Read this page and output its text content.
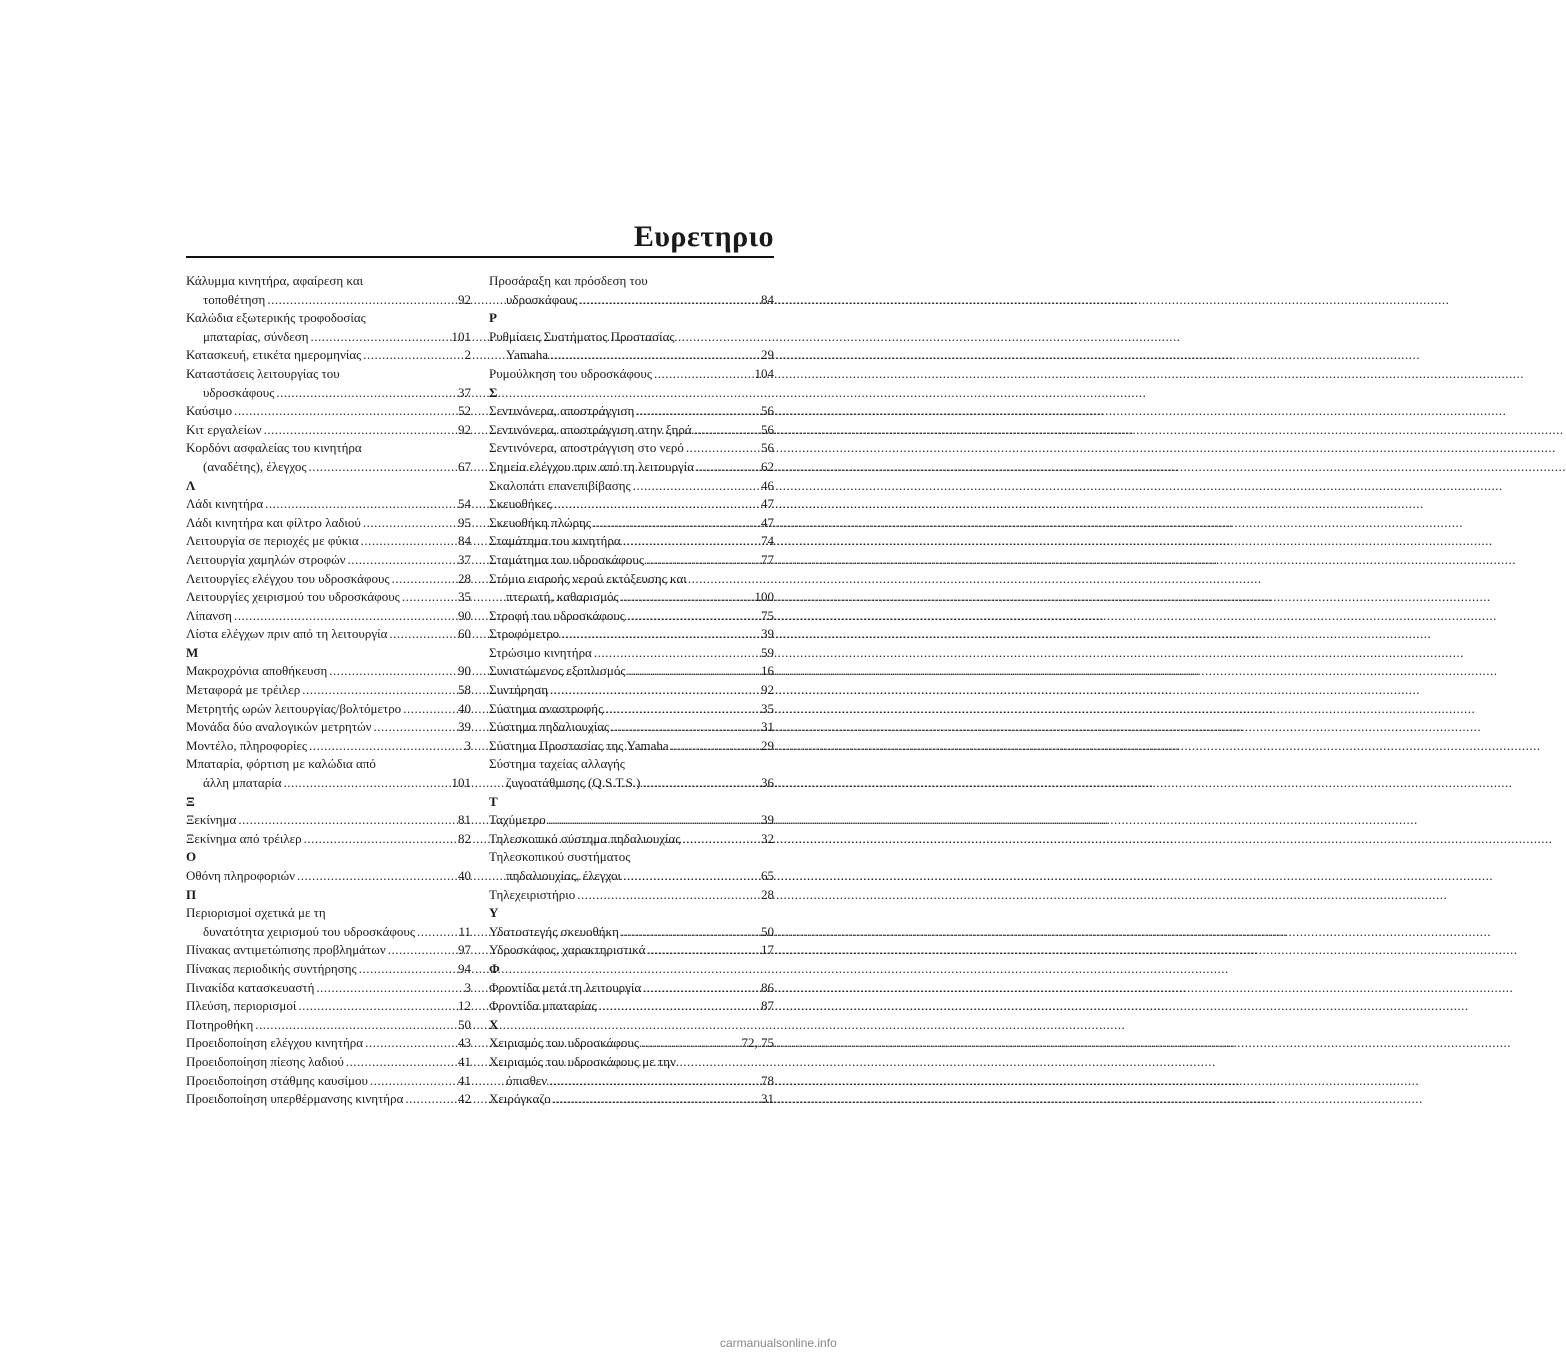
Ευρετηριο
Κάλυμμα κινητήρα, αφαίρεση και
τοποθέτηση .....	92
Καλώδια εξωτερικής τροφοδοσίας
μπαταρίας, σύνδεση .....	101
Κατασκευή, ετικέτα ημερομηνίας .....	2
Καταστάσεις λειτουργίας του
υδροσκάφους .....	37
Καύσιμο .....	52
Κιτ εργαλείων .....	92
Κορδόνι ασφαλείας του κινητήρα
(αναδέτης), έλεγχος .....	67
Λ
Λάδι κινητήρα .....	54
Λάδι κινητήρα και φίλτρο λαδιού .....	95
Λειτουργία σε περιοχές με φύκια .....	84
Λειτουργία χαμηλών στροφών .....	37
Λειτουργίες ελέγχου του υδροσκάφους .....	28
Λειτουργίες χειρισμού του υδροσκάφους .....	35
Λίπανση .....	90
Λίστα ελέγχων πριν από τη λειτουργία .....	60
Μ
Μακροχρόνια αποθήκευση .....	90
Μεταφορά με τρέιλερ .....	58
Μετρητής ωρών λειτουργίας/βολτόμετρο .....	40
Μονάδα δύο αναλογικών μετρητών .....	39
Μοντέλο, πληροφορίες .....	3
Μπαταρία, φόρτιση με καλώδια από
άλλη μπαταρία .....	101
Ξ
Ξεκίνημα .....	81
Ξεκίνημα από τρέιλερ .....	82
Ο
Οθόνη πληροφοριών .....	40
Π
Περιορισμοί σχετικά με τη
δυνατότητα χειρισμού του υδροσκάφους .....	11
Πίνακας αντιμετώπισης προβλημάτων .....	97
Πίνακας περιοδικής συντήρησης .....	94
Πινακίδα κατασκευαστή .....	3
Πλεύση, περιορισμοί .....	12
Ποτηροθήκη .....	50
Προειδοποίηση ελέγχου κινητήρα .....	43
Προειδοποίηση πίεσης λαδιού .....	41
Προειδοποίηση στάθμης καυσίμου .....	41
Προειδοποίηση υπερθέρμανσης κινητήρα .....	42
Προσάραξη και πρόσδεση του
υδροσκάφους .....	84
Ρ
Ρυθμίσεις Συστήματος Προστασίας
Yamaha .....	29
Ρυμούλκηση του υδροσκάφους .....	104
Σ
Σεντινόνερα, αποστράγγιση .....	56
Σεντινόνερα, αποστράγγιση στην ξηρά .....	56
Σεντινόνερα, αποστράγγιση στο νερό .....	56
Σημεία ελέγχου πριν από τη λειτουργία .....	62
Σκαλοπάτι επανεπιβίβασης .....	46
Σκευοθήκες .....	47
Σκευοθήκη πλώρης .....	47
Σταμάτημα του κινητήρα .....	74
Σταμάτημα του υδροσκάφους .....	77
Στόμιο εισροής νερού εκτόξευσης και
πτερωτή, καθαρισμός .....	100
Στροφή του υδροσκάφους .....	75
Στροφόμετρο .....	39
Στρώσιμο κινητήρα .....	59
Συνιστώμενος εξοπλισμός .....	16
Συντήρηση .....	92
Σύστημα αναστροφής .....	35
Σύστημα πηδαλιουχίας .....	31
Σύστημα Προστασίας της Yamaha .....	29
Σύστημα ταχείας αλλαγής
ζυγοστάθμισης (Q.S.T.S.) .....	36
Τ
Ταχύμετρο .....	39
Τηλεσκοπικό σύστημα πηδαλιουχίας .....	32
Τηλεσκοπικού συστήματος
πηδαλιουχίας, έλεγχοι .....	65
Τηλεχειριστήριο .....	28
Υ
Υδατοστεγής σκευοθήκη .....	50
Υδροσκάφος, χαρακτηριστικά .....	17
Φ
Φροντίδα μετά τη λειτουργία .....	86
Φροντίδα μπαταρίας .....	87
Χ
Χειρισμός του υδροσκάφους .....	72, 75
Χειρισμός του υδροσκάφους με την
όπισθεν .....	78
Χειρόγκαζο .....	31
carmanualsonline.info
